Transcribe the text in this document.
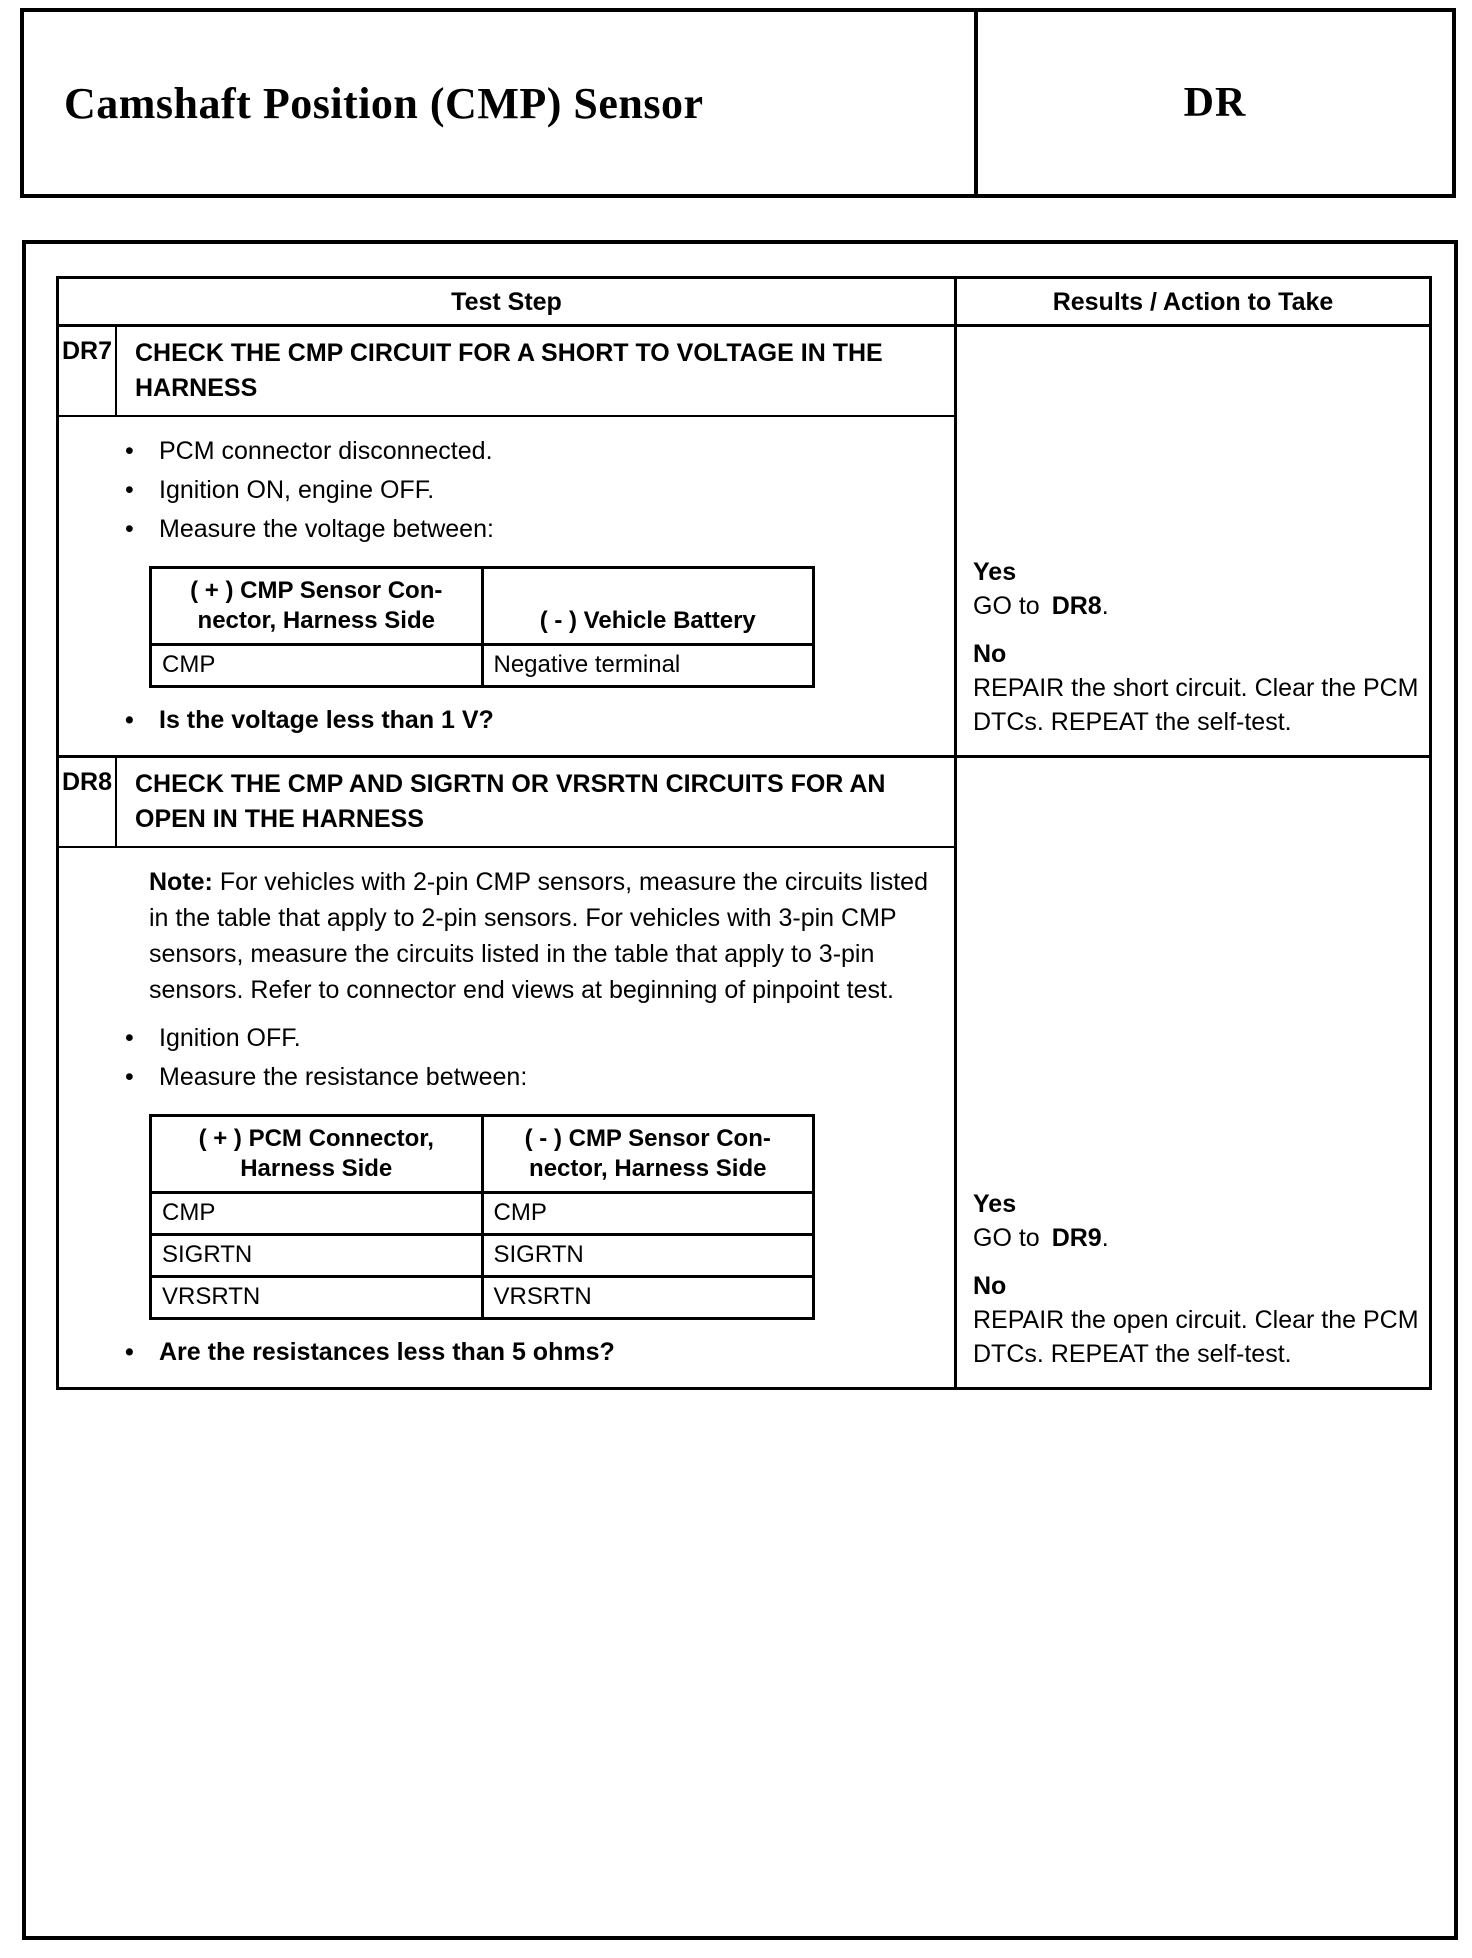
Camshaft Position (CMP) Sensor	DR
Test Step	Results / Action to Take
DR7 CHECK THE CMP CIRCUIT FOR A SHORT TO VOLTAGE IN THE HARNESS
• PCM connector disconnected.
• Ignition ON, engine OFF.
• Measure the voltage between:
( + ) CMP Sensor Con-
nector, Harness Side	( - ) Vehicle Battery
CMP	Negative terminal
• Is the voltage less than 1 V?
Yes
GO to DR8.
No
REPAIR the short circuit. Clear the PCM DTCs. REPEAT the self-test.
DR8 CHECK THE CMP AND SIGRTN OR VRSRTN CIRCUITS FOR AN OPEN IN THE HARNESS
Note: For vehicles with 2-pin CMP sensors, measure the circuits listed in the table that apply to 2-pin sensors. For vehicles with 3-pin CMP sensors, measure the circuits listed in the table that apply to 3-pin sensors. Refer to connector end views at beginning of pinpoint test.
• Ignition OFF.
• Measure the resistance between:
( + ) PCM Connector,
Harness Side	( - ) CMP Sensor Con-
nector, Harness Side
CMP	CMP
SIGRTN	SIGRTN
VRSRTN	VRSRTN
• Are the resistances less than 5 ohms?
Yes
GO to DR9.
No
REPAIR the open circuit. Clear the PCM DTCs. REPEAT the self-test.
